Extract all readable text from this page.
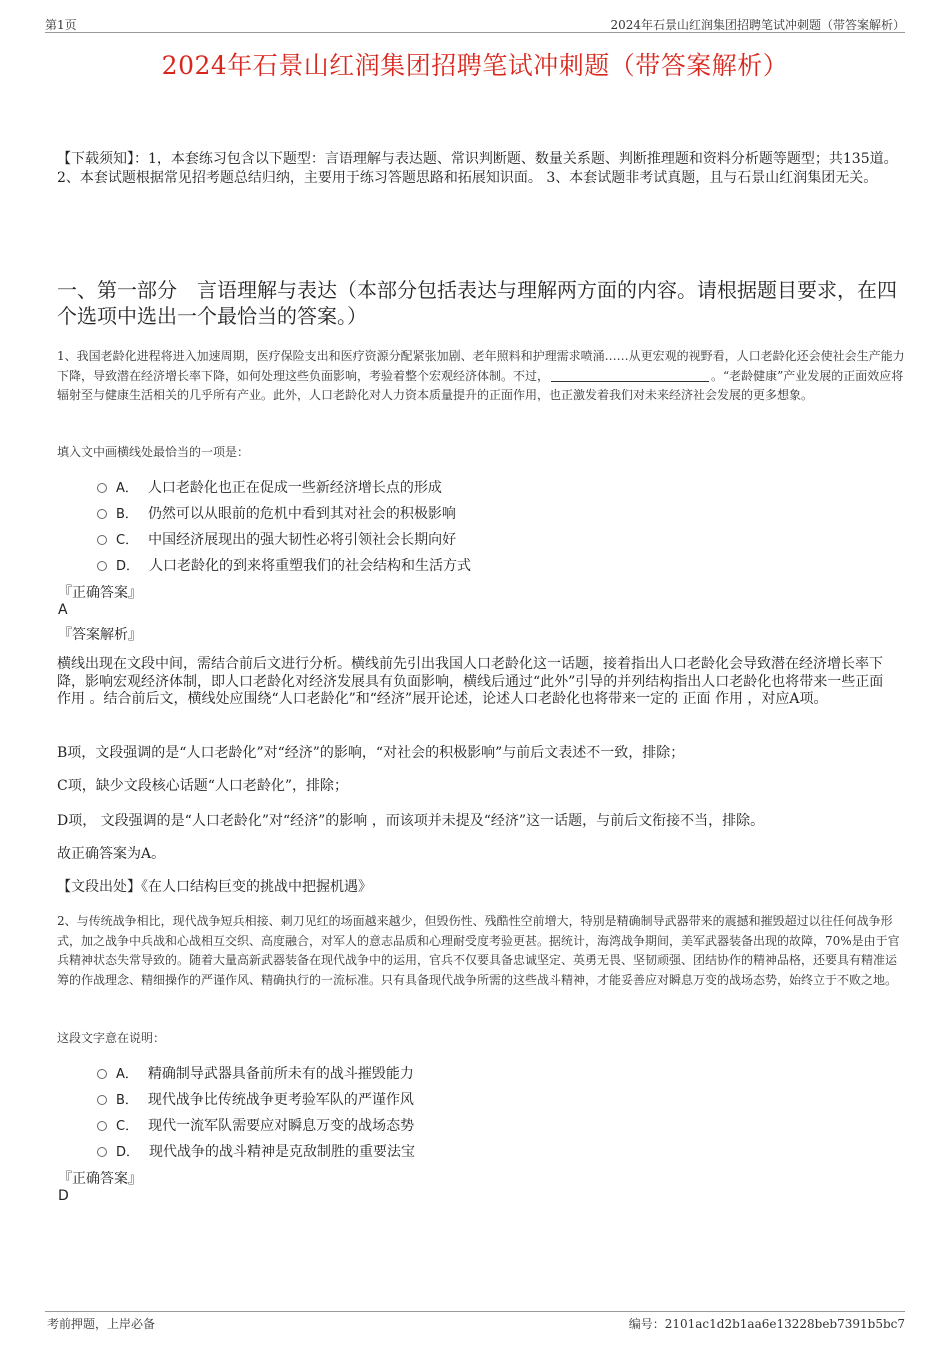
第1页	2024年石景山红润集团招聘笔试冲刺题（带答案解析）
2024年石景山红润集团招聘笔试冲刺题（带答案解析）
【下载须知】：1，本套练习包含以下题型：言语理解与表达题、常识判断题、数量关系题、判断推理题和资料分析题等题型；共135道。 2、本套试题根据常见招考题总结归纳，主要用于练习答题思路和拓展知识面。 3、本套试题非考试真题，且与石景山红润集团无关。
一、第一部分　言语理解与表达（本部分包括表达与理解两方面的内容。请根据题目要求，在四个选项中选出一个最恰当的答案。）
1、我国老龄化进程将进入加速周期，医疗保险支出和医疗资源分配紧张加剧、老年照料和护理需求喷涌……从更宏观的视野看，人口老龄化还会使社会生产能力下降，导致潜在经济增长率下降，如何处理这些负面影响，考验着整个宏观经济体制。不过，	。“老龄健康”产业发展的正面效应将辐射至与健康生活相关的几乎所有产业。此外，人口老龄化对人力资本质量提升的正面作用，也正激发着我们对未来经济社会发展的更多想象。
填入文中画横线处最恰当的一项是：
A． 人口老龄化也正在促成一些新经济增长点的形成
B． 仍然可以从眼前的危机中看到其对社会的积极影响
C． 中国经济展现出的强大韧性必将引领社会长期向好
D． 人口老龄化的到来将重塑我们的社会结构和生活方式
『正确答案』
A
『答案解析』
横线出现在文段中间，需结合前后文进行分析。横线前先引出我国人口老龄化这一话题，接着指出人口老龄化会导致潜在经济增长率下降，影响宏观经济体制，即人口老龄化对经济发展具有负面影响，横线后通过“此外”引导的并列结构指出人口老龄化也将带来一些正面 作用 。结合前后文，横线处应围绕“人口老龄化”和“经济”展开论述，论述人口老龄化也将带来一定的 正面 作用 ，对应A项。
B项，文段强调的是“人口老龄化”对“经济”的影响，“对社会的积极影响”与前后文表述不一致，排除；
C项，缺少文段核心话题“人口老龄化”，排除；
D项， 文段强调的是“人口老龄化”对“经济”的影响 ，而该项并未提及“经济”这一话题，与前后文衔接不当，排除。
故正确答案为A。
【文段出处】《在人口结构巨变的挑战中把握机遇》
2、与传统战争相比，现代战争短兵相接、刺刀见红的场面越来越少，但毁伤性、残酷性空前增大，特别是精确制导武器带来的震撼和摧毁超过以往任何战争形式，加之战争中兵战和心战相互交织、高度融合，对军人的意志品质和心理耐受度考验更甚。据统计，海湾战争期间，美军武器装备出现的故障，70%是由于官兵精神状态失常导致的。随着大量高新武器装备在现代战争中的运用，官兵不仅要具备忠诚坚定、英勇无畏、坚韧顽强、团结协作的精神品格，还要具有精准运筹的作战理念、精细操作的严谨作风、精确执行的一流标准。只有具备现代战争所需的这些战斗精神，才能妥善应对瞬息万变的战场态势，始终立于不败之地。
这段文字意在说明：
A． 精确制导武器具备前所未有的战斗摧毁能力
B． 现代战争比传统战争更考验军队的严谨作风
C． 现代一流军队需要应对瞬息万变的战场态势
D． 现代战争的战斗精神是克敌制胜的重要法宝
『正确答案』
D
考前押题，上岸必备	编号：2101ac1d2b1aa6e13228beb7391b5bc7
